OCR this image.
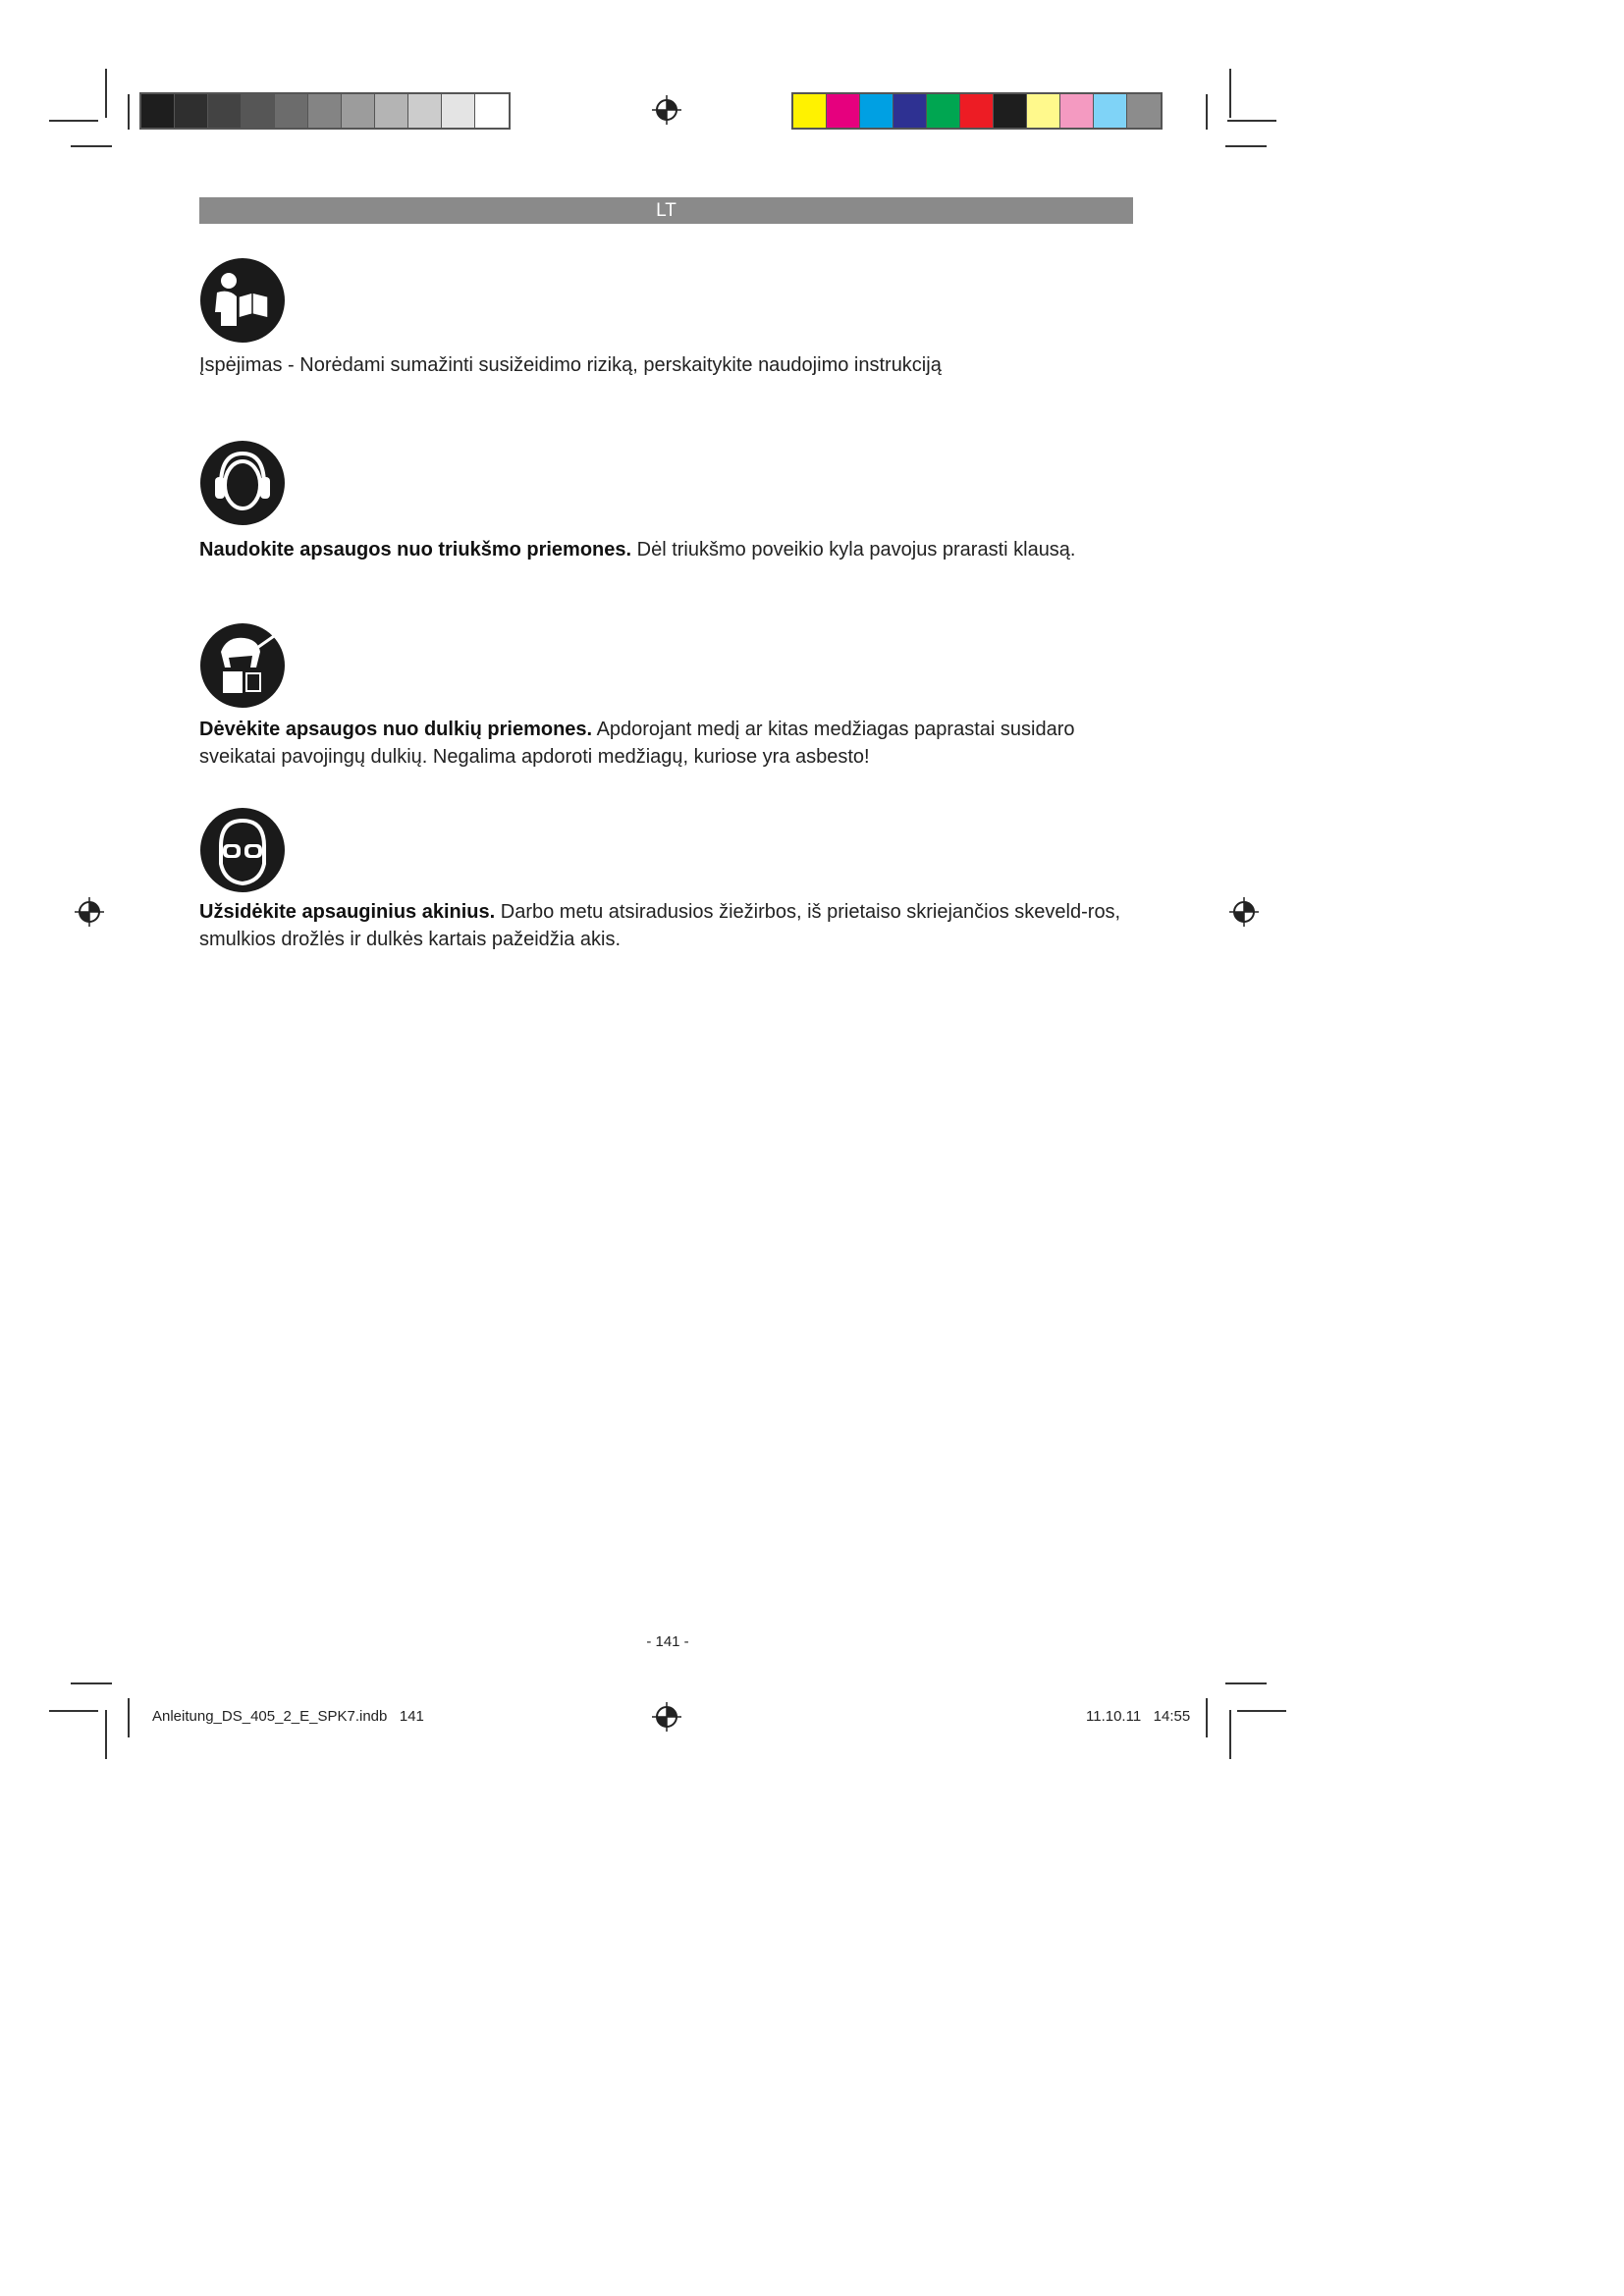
LT
Įspėjimas - Norėdami sumažinti susižeidimo riziką, perskaitykite naudojimo instrukciją
Naudokite apsaugos nuo triukšmo priemones. Dėl triukšmo poveikio kyla pavojus prarasti klausą.
Dėvėkite apsaugos nuo dulkių priemones. Apdorojant medį ar kitas medžiagas paprastai susidaro sveikatai pavojingų dulkių. Negalima apdoroti medžiagų, kuriose yra asbesto!
Užsidėkite apsauginius akinius. Darbo metu atsiradusios žiežirbos, iš prietaiso skriejančios skeveld-ros, smulkios drožlės ir dulkės kartais pažeidžia akis.
- 141 -
Anleitung_DS_405_2_E_SPK7.indb   141	11.10.11   14:55
